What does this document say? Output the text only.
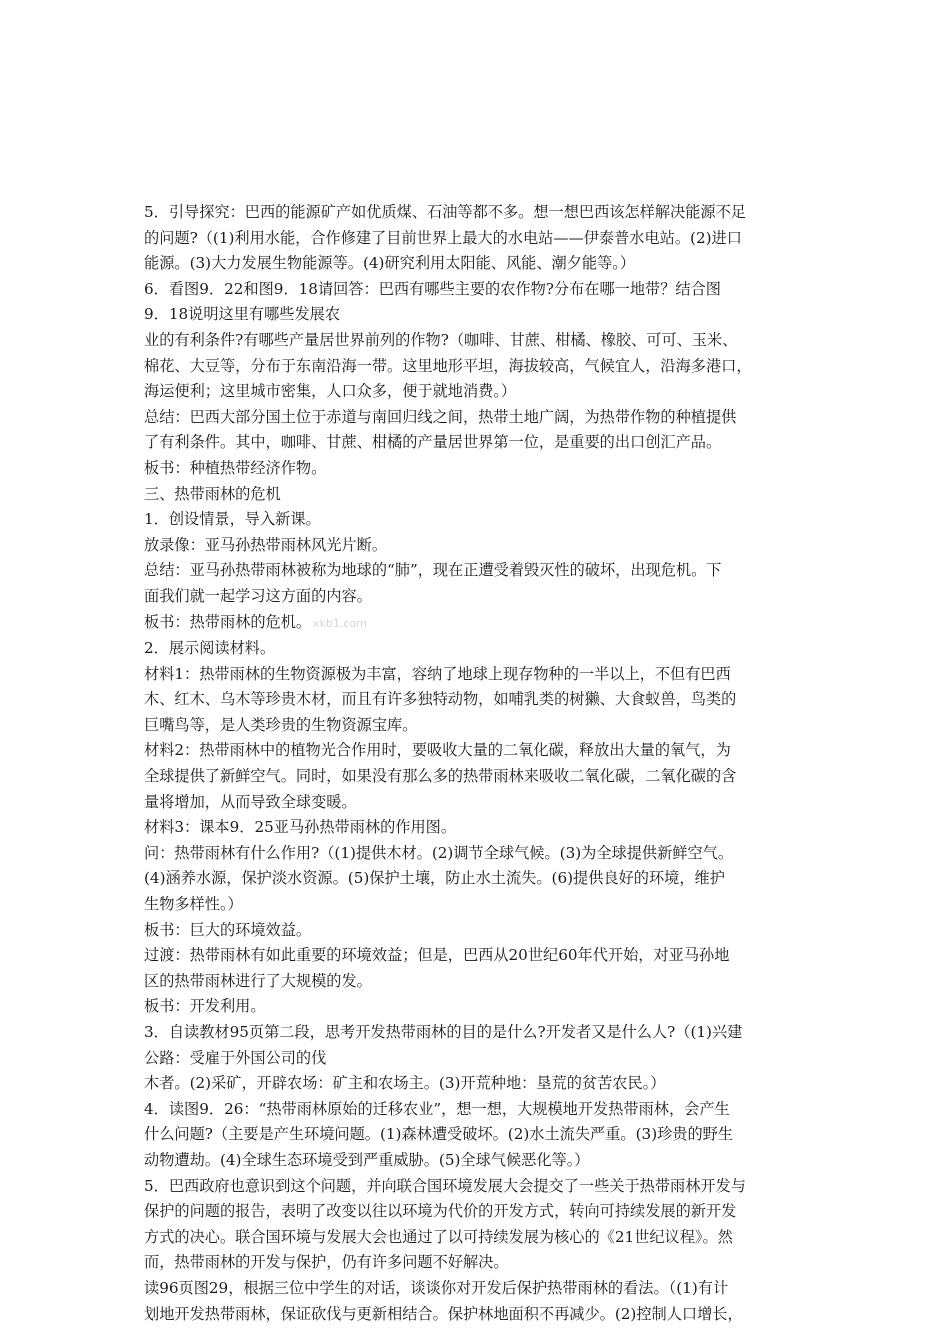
5．引导探究：巴西的能源矿产如优质煤、石油等都不多。想一想巴西该怎样解决能源不足
的问题?（(1)利用水能，合作修建了目前世界上最大的水电站——伊泰普水电站。(2)进口
能源。(3)大力发展生物能源等。(4)研究利用太阳能、风能、潮夕能等。）
6．看图9．22和图9．18请回答：巴西有哪些主要的农作物?分布在哪一地带？结合图
9．18说明这里有哪些发展农
业的有利条件?有哪些产量居世界前列的作物?（咖啡、甘蔗、柑橘、橡胶、可可、玉米、
棉花、大豆等，分布于东南沿海一带。这里地形平坦，海拔较高，气候宜人，沿海多港口，
海运便利；这里城市密集，人口众多，便于就地消费。）
总结：巴西大部分国土位于赤道与南回归线之间，热带土地广阔，为热带作物的种植提供
了有利条件。其中，咖啡、甘蔗、柑橘的产量居世界第一位，是重要的出口创汇产品。
板书：种植热带经济作物。
三、热带雨林的危机
1．创设情景，导入新课。
放录像：亚马孙热带雨林风光片断。
总结：亚马孙热带雨林被称为地球的“肺”，现在正遭受着毁灭性的破坏，出现危机。下
面我们就一起学习这方面的内容。
板书：热带雨林的危机。 xkb1.com
2．展示阅读材料。
材料1：热带雨林的生物资源极为丰富，容纳了地球上现存物种的一半以上，不但有巴西
木、红木、乌木等珍贵木材，而且有许多独特动物，如哺乳类的树獭、大食蚁兽，鸟类的
巨嘴鸟等，是人类珍贵的生物资源宝库。
材料2：热带雨林中的植物光合作用时，要吸收大量的二氧化碳，释放出大量的氧气，为
全球提供了新鲜空气。同时，如果没有那么多的热带雨林来吸收二氧化碳，二氧化碳的含
量将增加，从而导致全球变暖。
材料3：课本9．25亚马孙热带雨林的作用图。
问：热带雨林有什么作用?（(1)提供木材。(2)调节全球气候。(3)为全球提供新鲜空气。
(4)涵养水源，保护淡水资源。(5)保护土壤，防止水土流失。(6)提供良好的环境，维护
生物多样性。）
板书：巨大的环境效益。
过渡：热带雨林有如此重要的环境效益；但是，巴西从20世纪60年代开始，对亚马孙地
区的热带雨林进行了大规模的发。
板书：开发利用。
3．自读教材95页第二段，思考开发热带雨林的目的是什么?开发者又是什么人?（(1)兴建
公路：受雇于外国公司的伐
木者。(2)采矿，开辟农场：矿主和农场主。(3)开荒种地：垦荒的贫苦农民。）
4．读图9．26：“热带雨林原始的迁移农业”，想一想，大规模地开发热带雨林，会产生
什么问题?（主要是产生环境问题。(1)森林遭受破坏。(2)水土流失严重。(3)珍贵的野生
动物遭劫。(4)全球生态环境受到严重威胁。(5)全球气候恶化等。）
5．巴西政府也意识到这个问题，并向联合国环境发展大会提交了一些关于热带雨林开发与
保护的问题的报告，表明了改变以往以环境为代价的开发方式，转向可持续发展的新开发
方式的决心。联合国环境与发展大会也通过了以可持续发展为核心的《21世纪议程》。然
而，热带雨林的开发与保护，仍有许多问题不好解决。
读96页图29，根据三位中学生的对话，谈谈你对开发后保护热带雨林的看法。（(1)有计
划地开发热带雨林，保证砍伐与更新相结合。保护林地面积不再减少。(2)控制人口增长，
